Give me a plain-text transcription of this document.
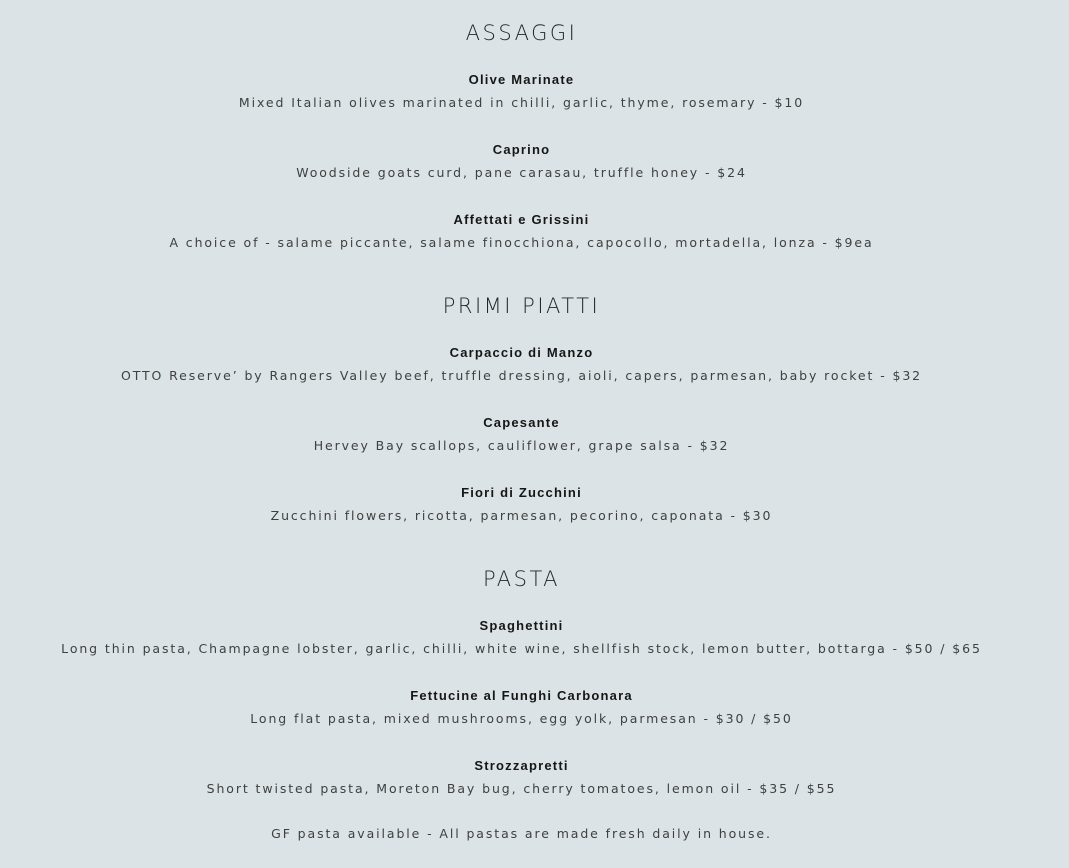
ASSAGGI
Olive Marinate
Mixed Italian olives marinated in chilli, garlic, thyme, rosemary - $10
Caprino
Woodside goats curd, pane carasau, truffle honey - $24
Affettati e Grissini
A choice of - salame piccante, salame finocchiona, capocollo, mortadella, lonza - $9ea
PRIMI PIATTI
Carpaccio di Manzo
OTTO Reserve’ by Rangers Valley beef, truffle dressing, aioli, capers, parmesan, baby rocket - $32
Capesante
Hervey Bay scallops, cauliflower, grape salsa - $32
Fiori di Zucchini
Zucchini flowers, ricotta, parmesan, pecorino, caponata - $30
PASTA
Spaghettini
Long thin pasta, Champagne lobster, garlic, chilli, white wine, shellfish stock, lemon butter, bottarga - $50 / $65
Fettucine al Funghi Carbonara
Long flat pasta, mixed mushrooms, egg yolk, parmesan - $30 / $50
Strozzapretti
Short twisted pasta, Moreton Bay bug, cherry tomatoes, lemon oil - $35 / $55
GF pasta available - All pastas are made fresh daily in house.
